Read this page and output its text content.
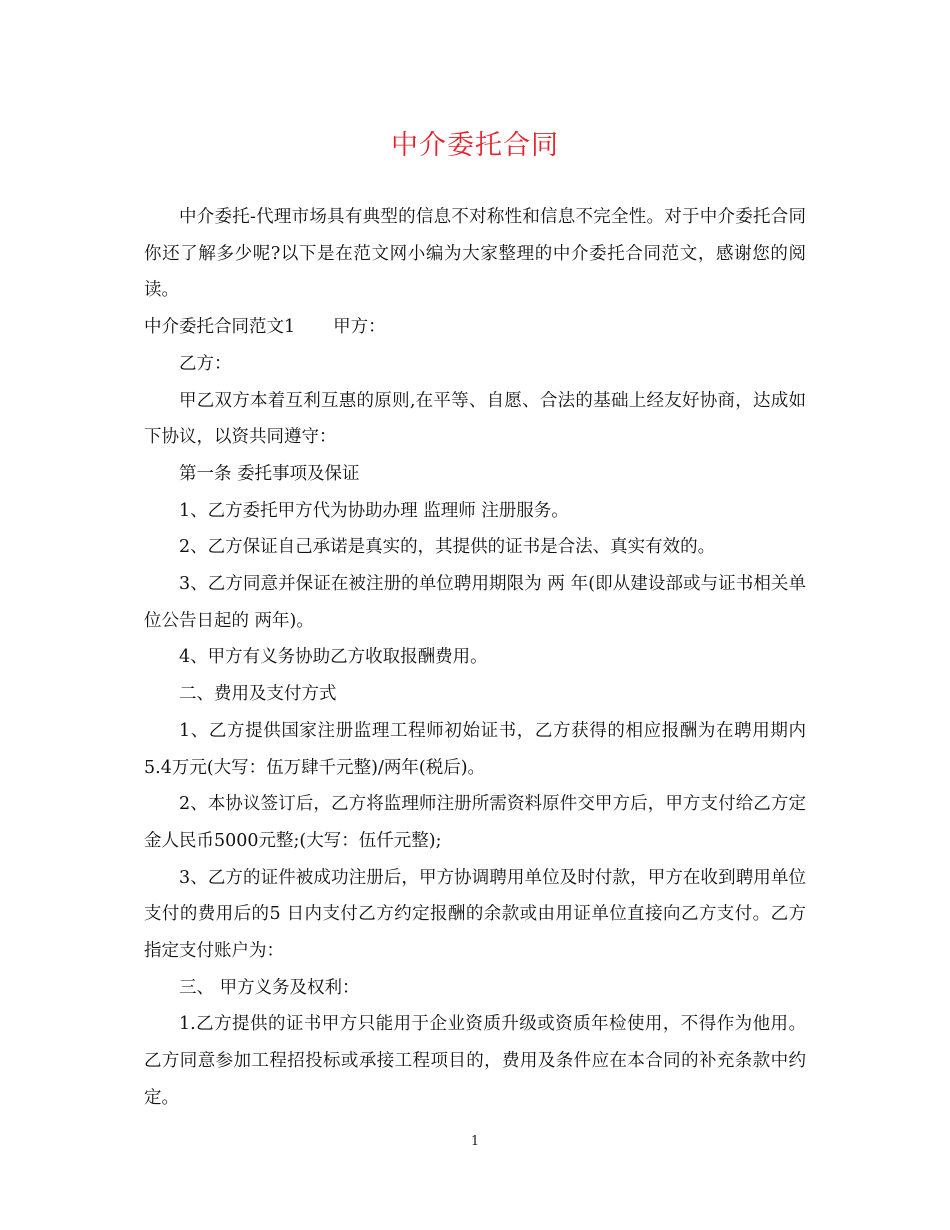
中介委托合同

中介委托-代理市场具有典型的信息不对称性和信息不完全性。对于中介委托合同你还了解多少呢?以下是在范文网小编为大家整理的中介委托合同范文，感谢您的阅读。

中介委托合同范文1 甲方：

乙方：

甲乙双方本着互利互惠的原则,在平等、自愿、合法的基础上经友好协商，达成如下协议，以资共同遵守：

第一条 委托事项及保证

1、乙方委托甲方代为协助办理 监理师 注册服务。

2、乙方保证自己承诺是真实的，其提供的证书是合法、真实有效的。

3、乙方同意并保证在被注册的单位聘用期限为 两 年(即从建设部或与证书相关单位公告日起的 两年)。

4、甲方有义务协助乙方收取报酬费用。

二、费用及支付方式

1、乙方提供国家注册监理工程师初始证书，乙方获得的相应报酬为在聘用期内5.4万元(大写：伍万肆千元整)/两年(税后)。

2、本协议签订后，乙方将监理师注册所需资料原件交甲方后，甲方支付给乙方定金人民币5000元整;(大写：伍仟元整);

3、乙方的证件被成功注册后，甲方协调聘用单位及时付款，甲方在收到聘用单位支付的费用后的5 日内支付乙方约定报酬的余款或由用证单位直接向乙方支付。乙方指定支付账户为：

三、 甲方义务及权利：

1.乙方提供的证书甲方只能用于企业资质升级或资质年检使用，不得作为他用。乙方同意参加工程招投标或承接工程项目的，费用及条件应在本合同的补充条款中约定。

1
